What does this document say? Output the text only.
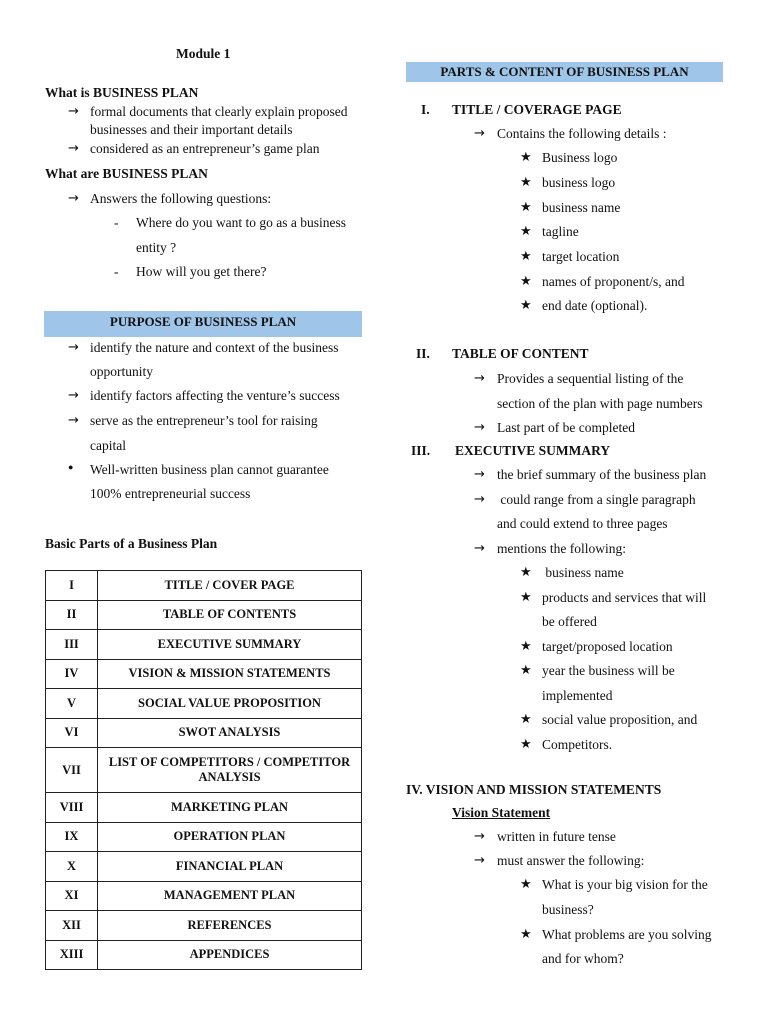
Module 1
What is BUSINESS PLAN
→ formal documents that clearly explain proposed
businesses and their important details
→ considered as an entrepreneur’s game plan
What are BUSINESS PLAN
→ Answers the following questions:
- Where do you want to go as a business
entity ?
- How will you get there?
PURPOSE OF BUSINESS PLAN
→ identify the nature and context of the business
opportunity
→ identify factors affecting the venture’s success
→ serve as the entrepreneur’s tool for raising
capital
● Well-written business plan cannot guarantee
100% entrepreneurial success
Basic Parts of a Business Plan
I	TITLE / COVER PAGE
II	TABLE OF CONTENTS
III	EXECUTIVE SUMMARY
IV	VISION & MISSION STATEMENTS
V	SOCIAL VALUE PROPOSITION
VI	SWOT ANALYSIS
VII	LIST OF COMPETITORS / COMPETITOR ANALYSIS
VIII	MARKETING PLAN
IX	OPERATION PLAN
X	FINANCIAL PLAN
XI	MANAGEMENT PLAN
XII	REFERENCES
XIII	APPENDICES
PARTS & CONTENT OF BUSINESS PLAN
I. TITLE / COVERAGE PAGE
→ Contains the following details :
★ Business logo
★ business logo
★ business name
★ tagline
★ target location
★ names of proponent/s, and
★ end date (optional).
II. TABLE OF CONTENT
→ Provides a sequential listing of the
section of the plan with page numbers
→ Last part of be completed
III. EXECUTIVE SUMMARY
→ the brief summary of the business plan
→ could range from a single paragraph
and could extend to three pages
→ mentions the following:
★ business name
★ products and services that will
be offered
★ target/proposed location
★ year the business will be
implemented
★ social value proposition, and
★ Competitors.
IV. VISION AND MISSION STATEMENTS
Vision Statement
→ written in future tense
→ must answer the following:
★ What is your big vision for the
business?
★ What problems are you solving
and for whom?
